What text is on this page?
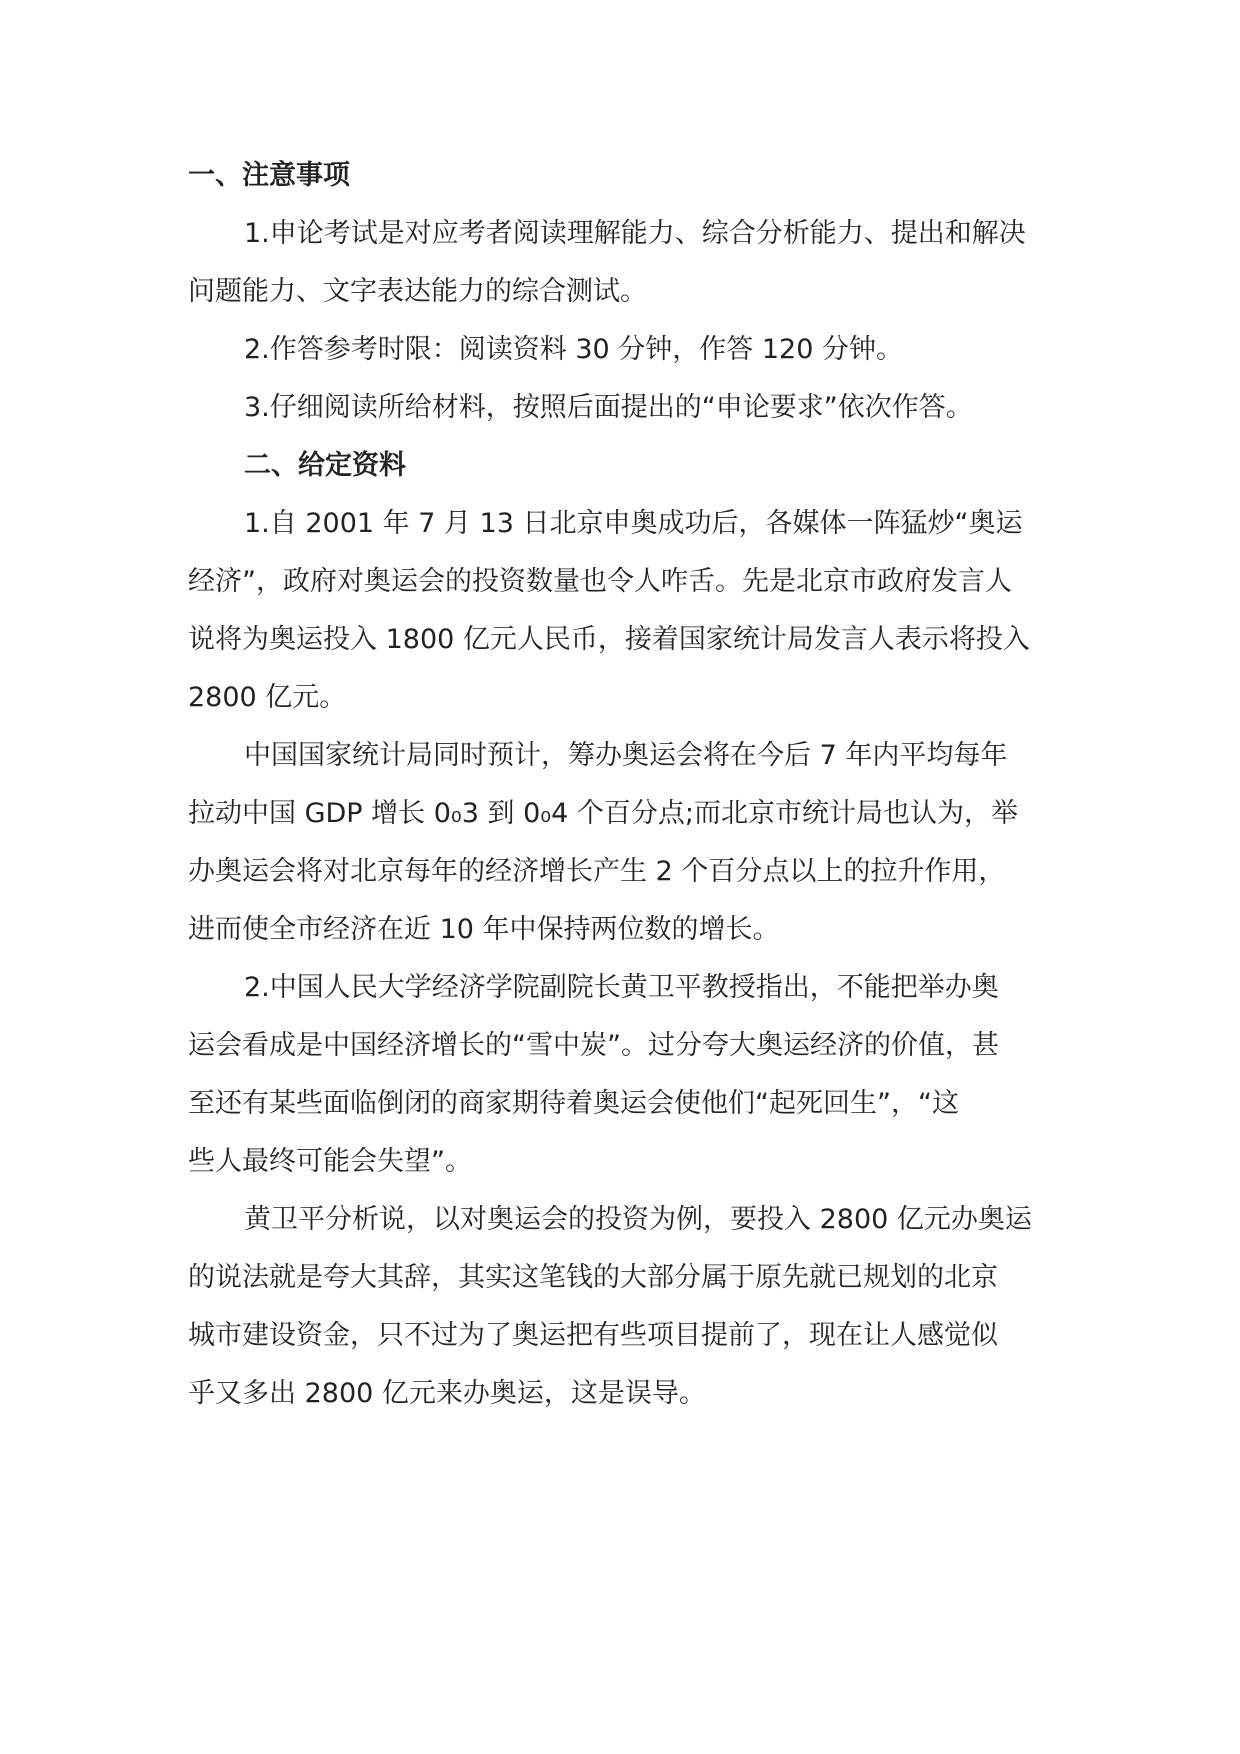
一、注意事项
1.申论考试是对应考者阅读理解能力、综合分析能力、提出和解决
问题能力、文字表达能力的综合测试。
2.作答参考时限：阅读资料 30 分钟，作答 120 分钟。
3.仔细阅读所给材料，按照后面提出的“申论要求”依次作答。
二、给定资料
1.自 2001 年 7 月 13 日北京申奥成功后，各媒体一阵猛炒“奥运
经济”，政府对奥运会的投资数量也令人咋舌。先是北京市政府发言人
说将为奥运投入 1800 亿元人民币，接着国家统计局发言人表示将投入
2800 亿元。
中国国家统计局同时预计，筹办奥运会将在今后 7 年内平均每年
拉动中国 GDP 增长 0₀3 到 0₀4 个百分点;而北京市统计局也认为，举
办奥运会将对北京每年的经济增长产生 2 个百分点以上的拉升作用，
进而使全市经济在近 10 年中保持两位数的增长。
2.中国人民大学经济学院副院长黄卫平教授指出，不能把举办奥
运会看成是中国经济增长的“雪中炭”。过分夸大奥运经济的价值，甚
至还有某些面临倒闭的商家期待着奥运会使他们“起死回生”，“这
些人最终可能会失望”。
黄卫平分析说，以对奥运会的投资为例，要投入 2800 亿元办奥运
的说法就是夸大其辞，其实这笔钱的大部分属于原先就已规划的北京
城市建设资金，只不过为了奥运把有些项目提前了，现在让人感觉似
乎又多出 2800 亿元来办奥运，这是误导。
